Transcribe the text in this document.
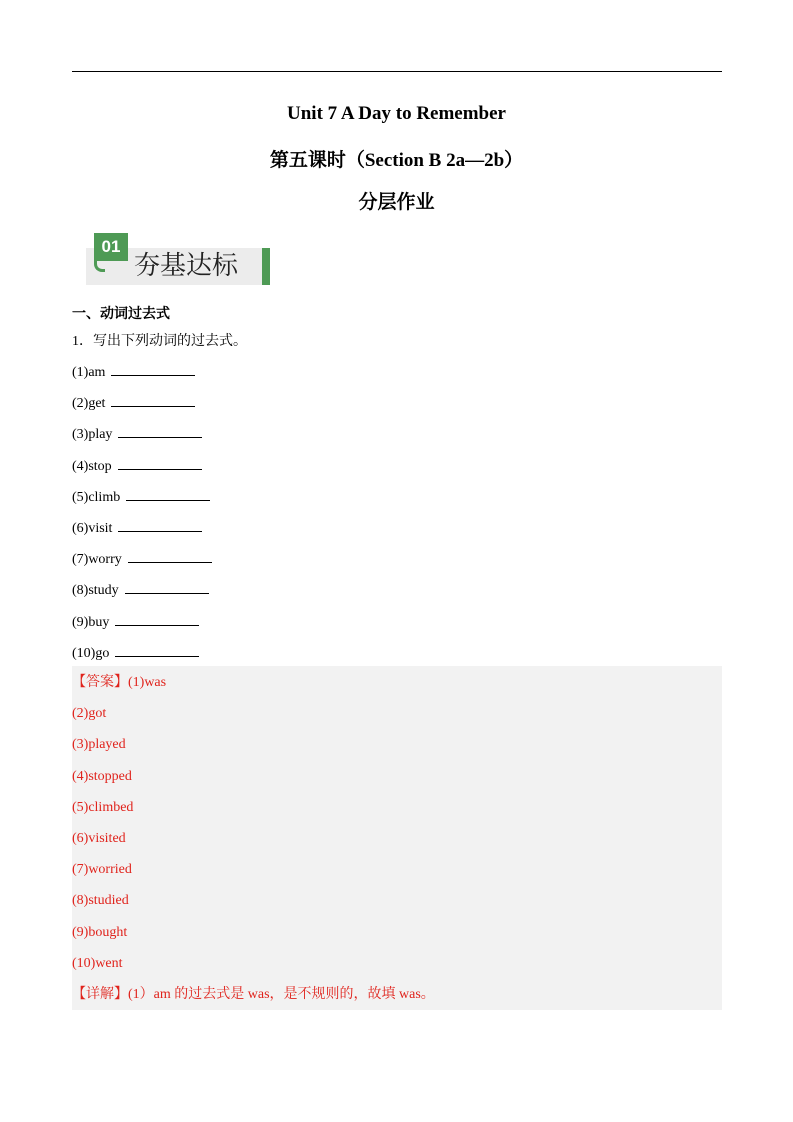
Unit 7 A Day to Remember
第五课时（Section B 2a—2b）
分层作业
01
夯基达标
一、动词过去式
1．写出下列动词的过去式。
(1)am
(2)get
(3)play
(4)stop
(5)climb
(6)visit
(7)worry
(8)study
(9)buy
(10)go
【答案】(1)was
(2)got
(3)played
(4)stopped
(5)climbed
(6)visited
(7)worried
(8)studied
(9)bought
(10)went
【详解】(1）am 的过去式是 was，是不规则的，故填 was。
